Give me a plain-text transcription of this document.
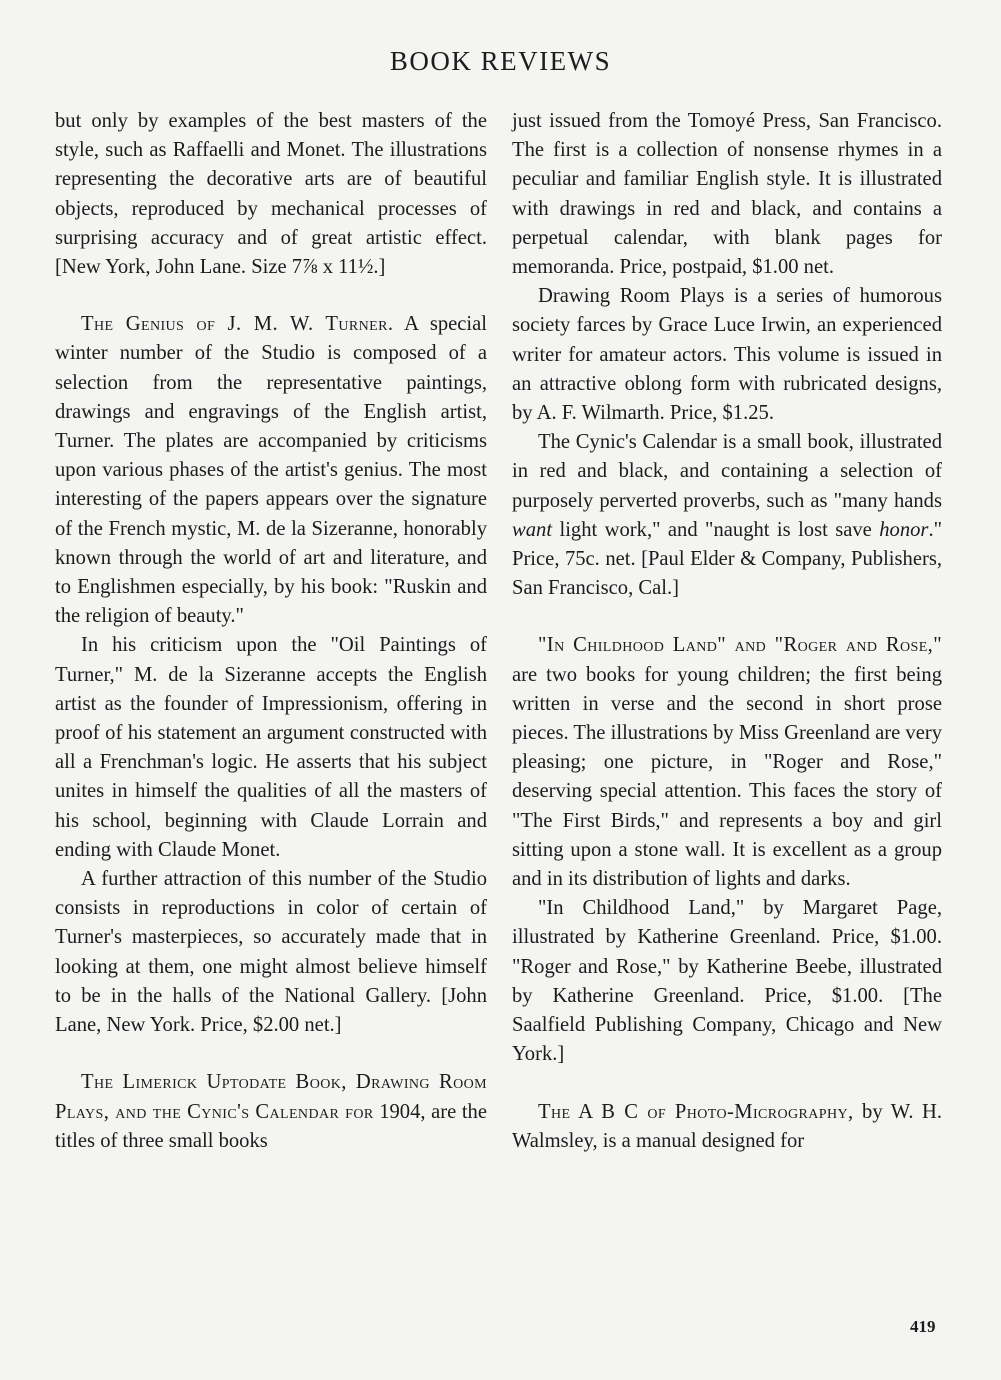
BOOK REVIEWS

but only by examples of the best masters of the style, such as Raffaelli and Monet. The illustrations representing the decorative arts are of beautiful objects, reproduced by mechanical processes of surprising accuracy and of great artistic effect. [New York, John Lane. Size 7⅞ x 11½.]

The Genius of J. M. W. Turner. A special winter number of the Studio is composed of a selection from the representative paintings, drawings and engravings of the English artist, Turner. The plates are accompanied by criticisms upon various phases of the artist's genius. The most interesting of the papers appears over the signature of the French mystic, M. de la Sizeranne, honorably known through the world of art and literature, and to Englishmen especially, by his book: "Ruskin and the religion of beauty."

In his criticism upon the "Oil Paintings of Turner," M. de la Sizeranne accepts the English artist as the founder of Impressionism, offering in proof of his statement an argument constructed with all a Frenchman's logic. He asserts that his subject unites in himself the qualities of all the masters of his school, beginning with Claude Lorrain and ending with Claude Monet.

A further attraction of this number of the Studio consists in reproductions in color of certain of Turner's masterpieces, so accurately made that in looking at them, one might almost believe himself to be in the halls of the National Gallery. [John Lane, New York. Price, $2.00 net.]

The Limerick Uptodate Book, Drawing Room Plays, and the Cynic's Calendar for 1904, are the titles of three small books

just issued from the Tomoyé Press, San Francisco. The first is a collection of nonsense rhymes in a peculiar and familiar English style. It is illustrated with drawings in red and black, and contains a perpetual calendar, with blank pages for memoranda. Price, postpaid, $1.00 net.

Drawing Room Plays is a series of humorous society farces by Grace Luce Irwin, an experienced writer for amateur actors. This volume is issued in an attractive oblong form with rubricated designs, by A. F. Wilmarth. Price, $1.25.

The Cynic's Calendar is a small book, illustrated in red and black, and containing a selection of purposely perverted proverbs, such as "many hands want light work," and "naught is lost save honor." Price, 75c. net. [Paul Elder & Company, Publishers, San Francisco, Cal.]

"In Childhood Land" and "Roger and Rose," are two books for young children; the first being written in verse and the second in short prose pieces. The illustrations by Miss Greenland are very pleasing; one picture, in "Roger and Rose," deserving special attention. This faces the story of "The First Birds," and represents a boy and girl sitting upon a stone wall. It is excellent as a group and in its distribution of lights and darks.

"In Childhood Land," by Margaret Page, illustrated by Katherine Greenland. Price, $1.00. "Roger and Rose," by Katherine Beebe, illustrated by Katherine Greenland. Price, $1.00. [The Saalfield Publishing Company, Chicago and New York.]

The A B C of Photo-Micrography, by W. H. Walmsley, is a manual designed for

419
